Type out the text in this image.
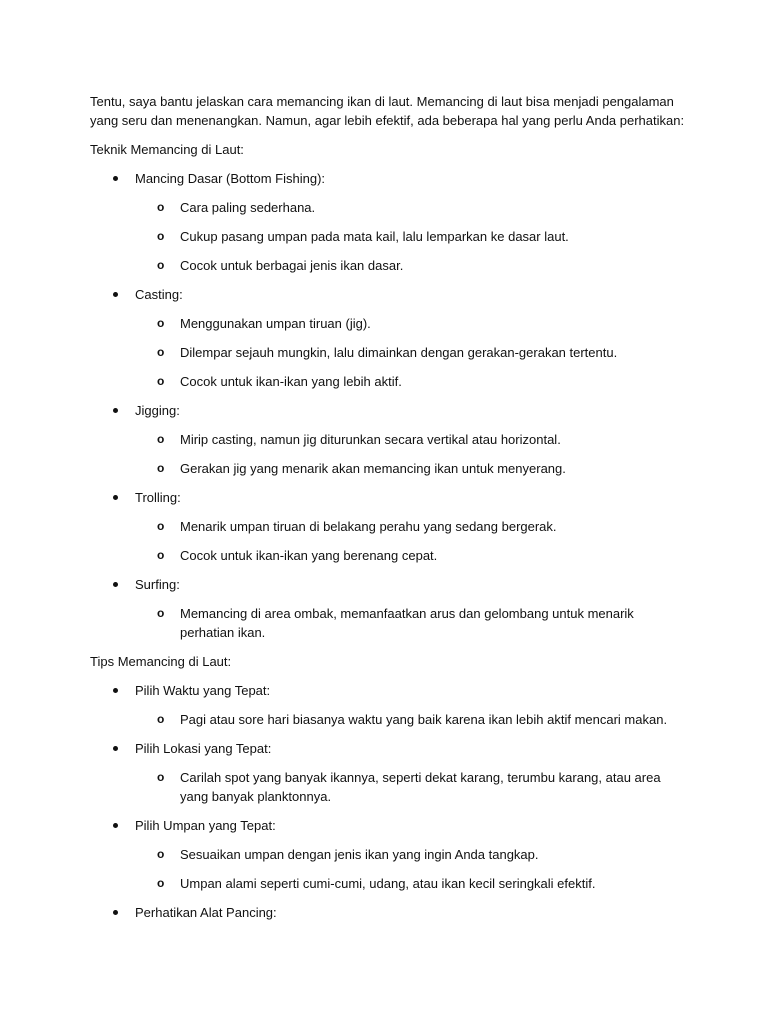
Tentu, saya bantu jelaskan cara memancing ikan di laut. Memancing di laut bisa menjadi pengalaman yang seru dan menenangkan. Namun, agar lebih efektif, ada beberapa hal yang perlu Anda perhatikan:

Teknik Memancing di Laut:

Mancing Dasar (Bottom Fishing):
o Cara paling sederhana.
o Cukup pasang umpan pada mata kail, lalu lemparkan ke dasar laut.
o Cocok untuk berbagai jenis ikan dasar.
Casting:
o Menggunakan umpan tiruan (jig).
o Dilempar sejauh mungkin, lalu dimainkan dengan gerakan-gerakan tertentu.
o Cocok untuk ikan-ikan yang lebih aktif.
Jigging:
o Mirip casting, namun jig diturunkan secara vertikal atau horizontal.
o Gerakan jig yang menarik akan memancing ikan untuk menyerang.
Trolling:
o Menarik umpan tiruan di belakang perahu yang sedang bergerak.
o Cocok untuk ikan-ikan yang berenang cepat.
Surfing:
o Memancing di area ombak, memanfaatkan arus dan gelombang untuk menarik perhatian ikan.

Tips Memancing di Laut:

Pilih Waktu yang Tepat:
o Pagi atau sore hari biasanya waktu yang baik karena ikan lebih aktif mencari makan.
Pilih Lokasi yang Tepat:
o Carilah spot yang banyak ikannya, seperti dekat karang, terumbu karang, atau area yang banyak planktonnya.
Pilih Umpan yang Tepat:
o Sesuaikan umpan dengan jenis ikan yang ingin Anda tangkap.
o Umpan alami seperti cumi-cumi, udang, atau ikan kecil seringkali efektif.
Perhatikan Alat Pancing:
